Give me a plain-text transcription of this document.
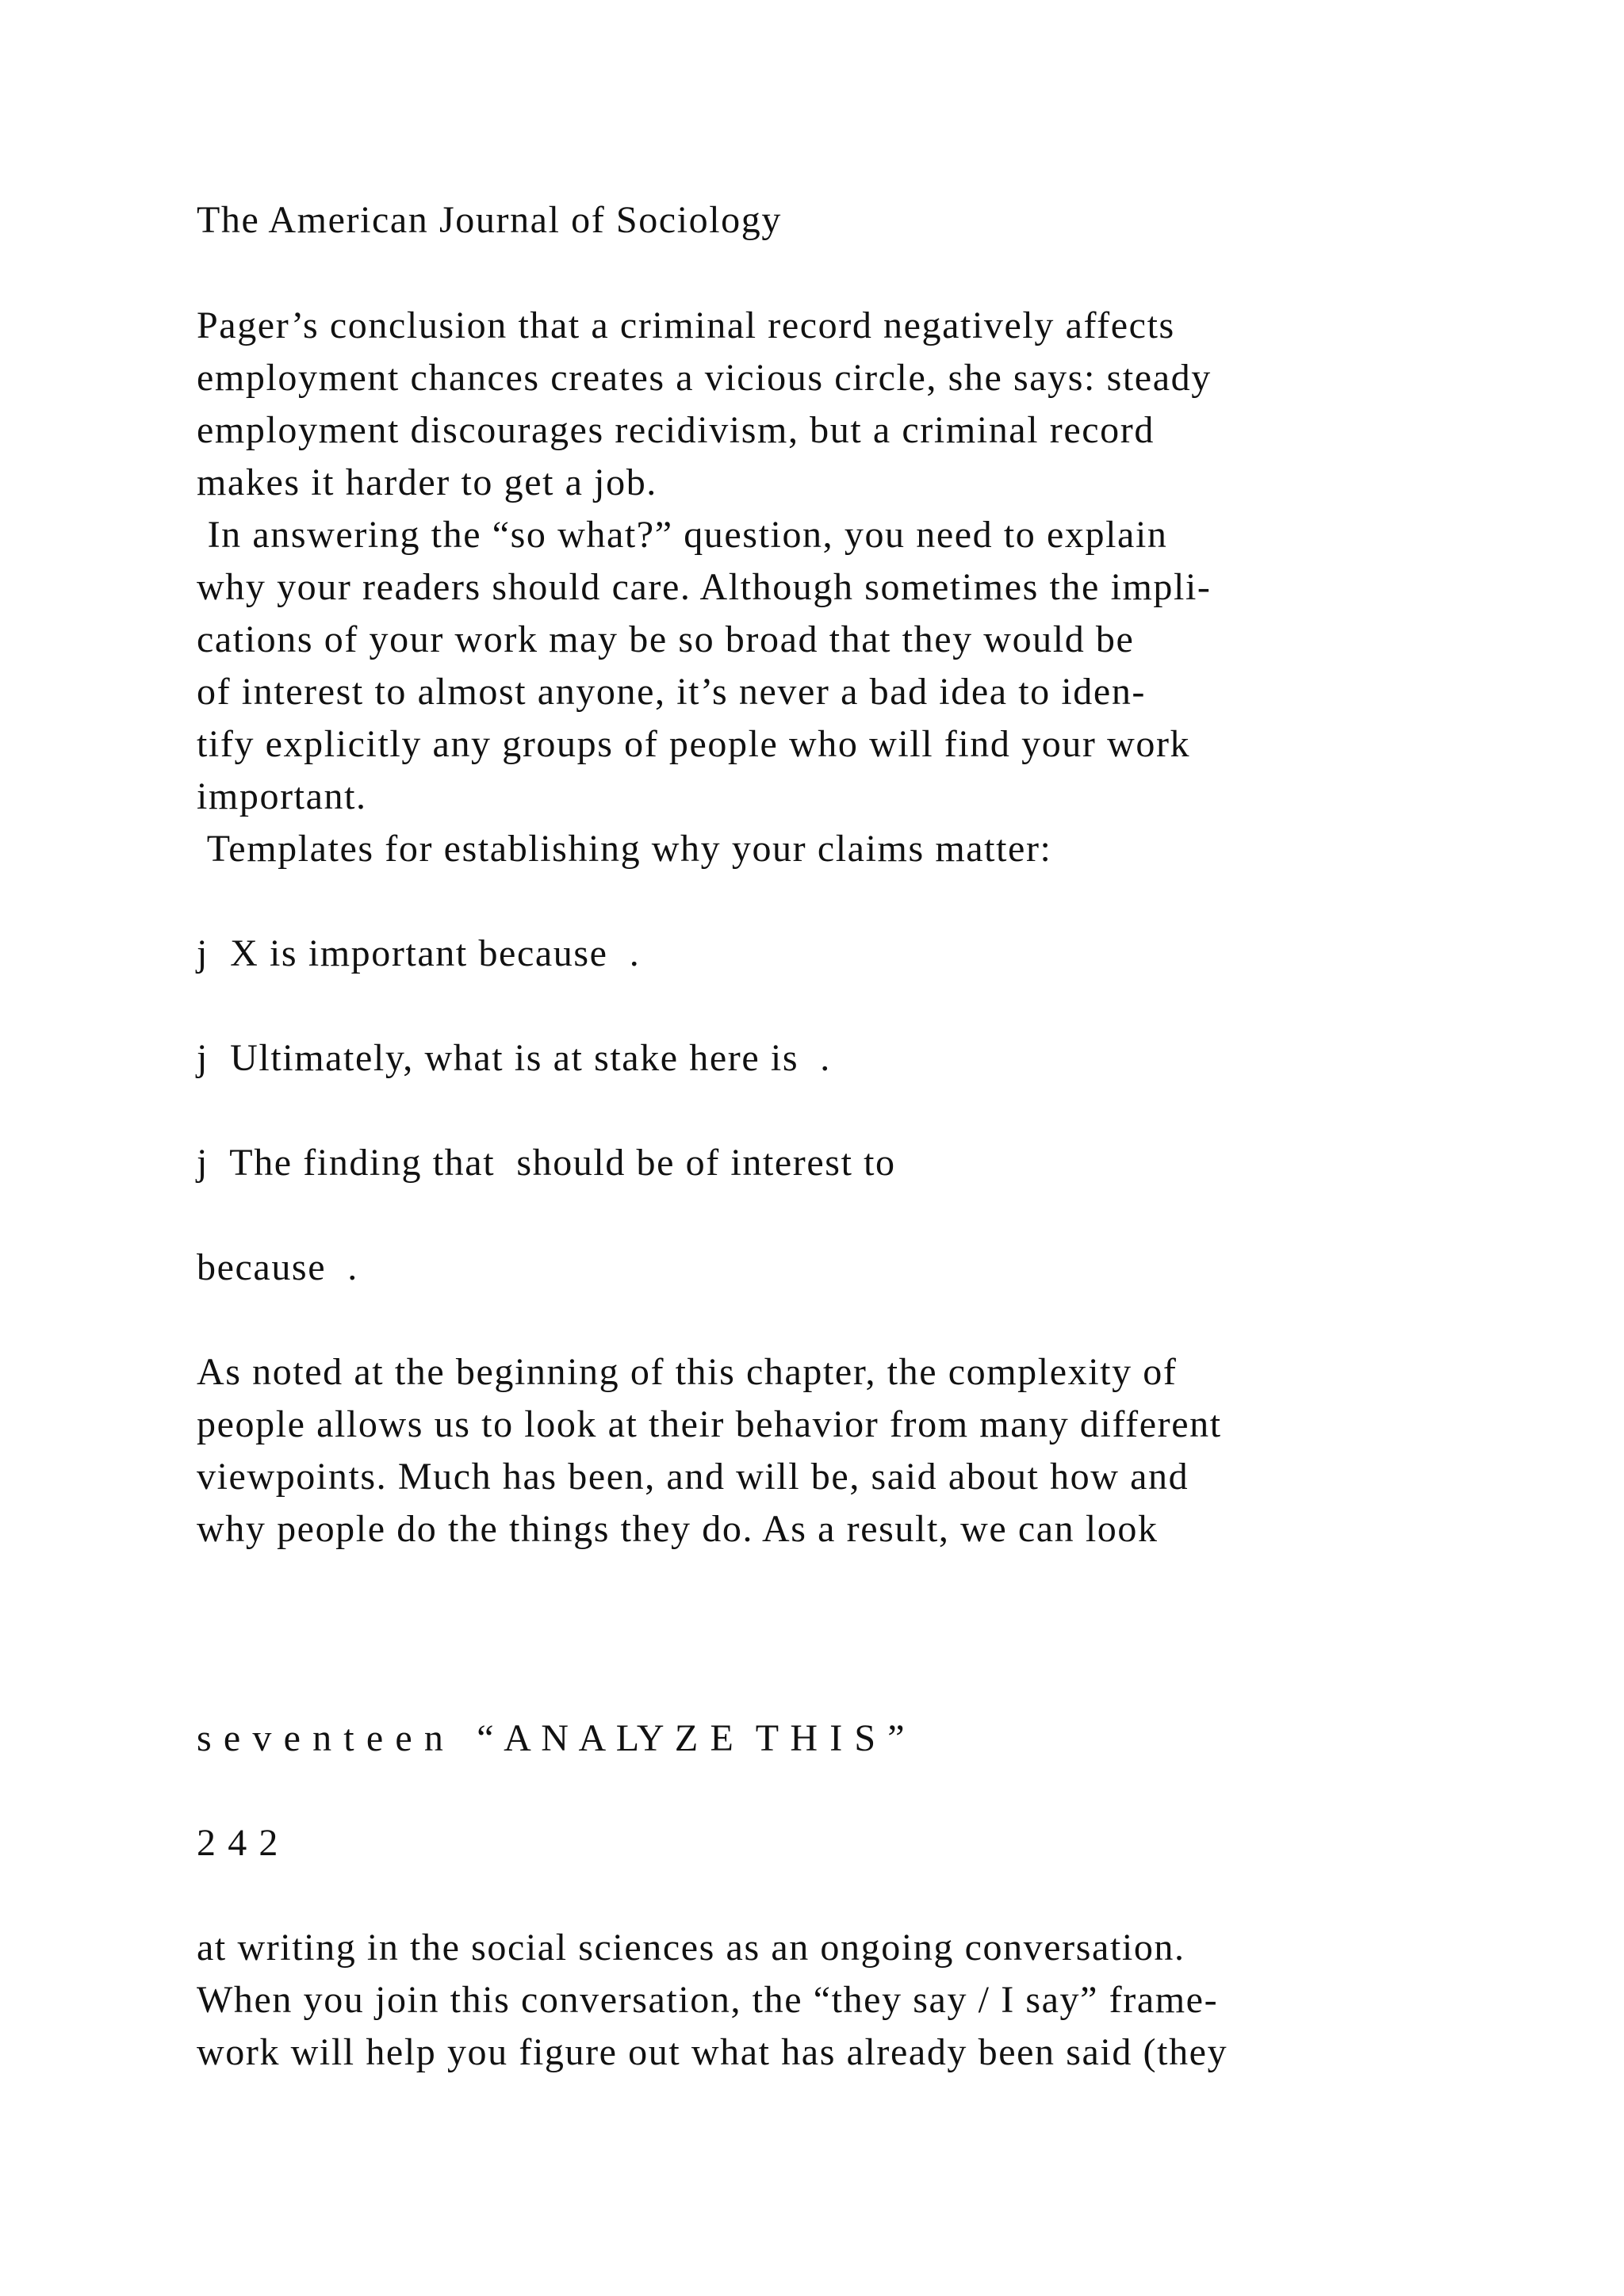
The American Journal of Sociology
Pager’s conclusion that a criminal record negatively affects
employment chances creates a vicious circle, she says: steady
employment discourages recidivism, but a criminal record
makes it harder to get a job.
In answering the “so what?” question, you need to explain
why your readers should care. Although sometimes the impli-
cations of your work may be so broad that they would be
of interest to almost anyone, it’s never a bad idea to iden-
tify explicitly any groups of people who will find your work
important.
Templates for establishing why your claims matter:
j  X is important because  .
j  Ultimately, what is at stake here is  .
j  The finding that  should be of interest to
because  .
As noted at the beginning of this chapter, the complexity of
people allows us to look at their behavior from many different
viewpoints. Much has been, and will be, said about how and
why people do the things they do. As a result, we can look
s e v e n t e e n   “ A N A LY Z E  T H I S ”
2 4 2
at writing in the social sciences as an ongoing conversation.
When you join this conversation, the “they say / I say” frame-
work will help you figure out what has already been said (they
